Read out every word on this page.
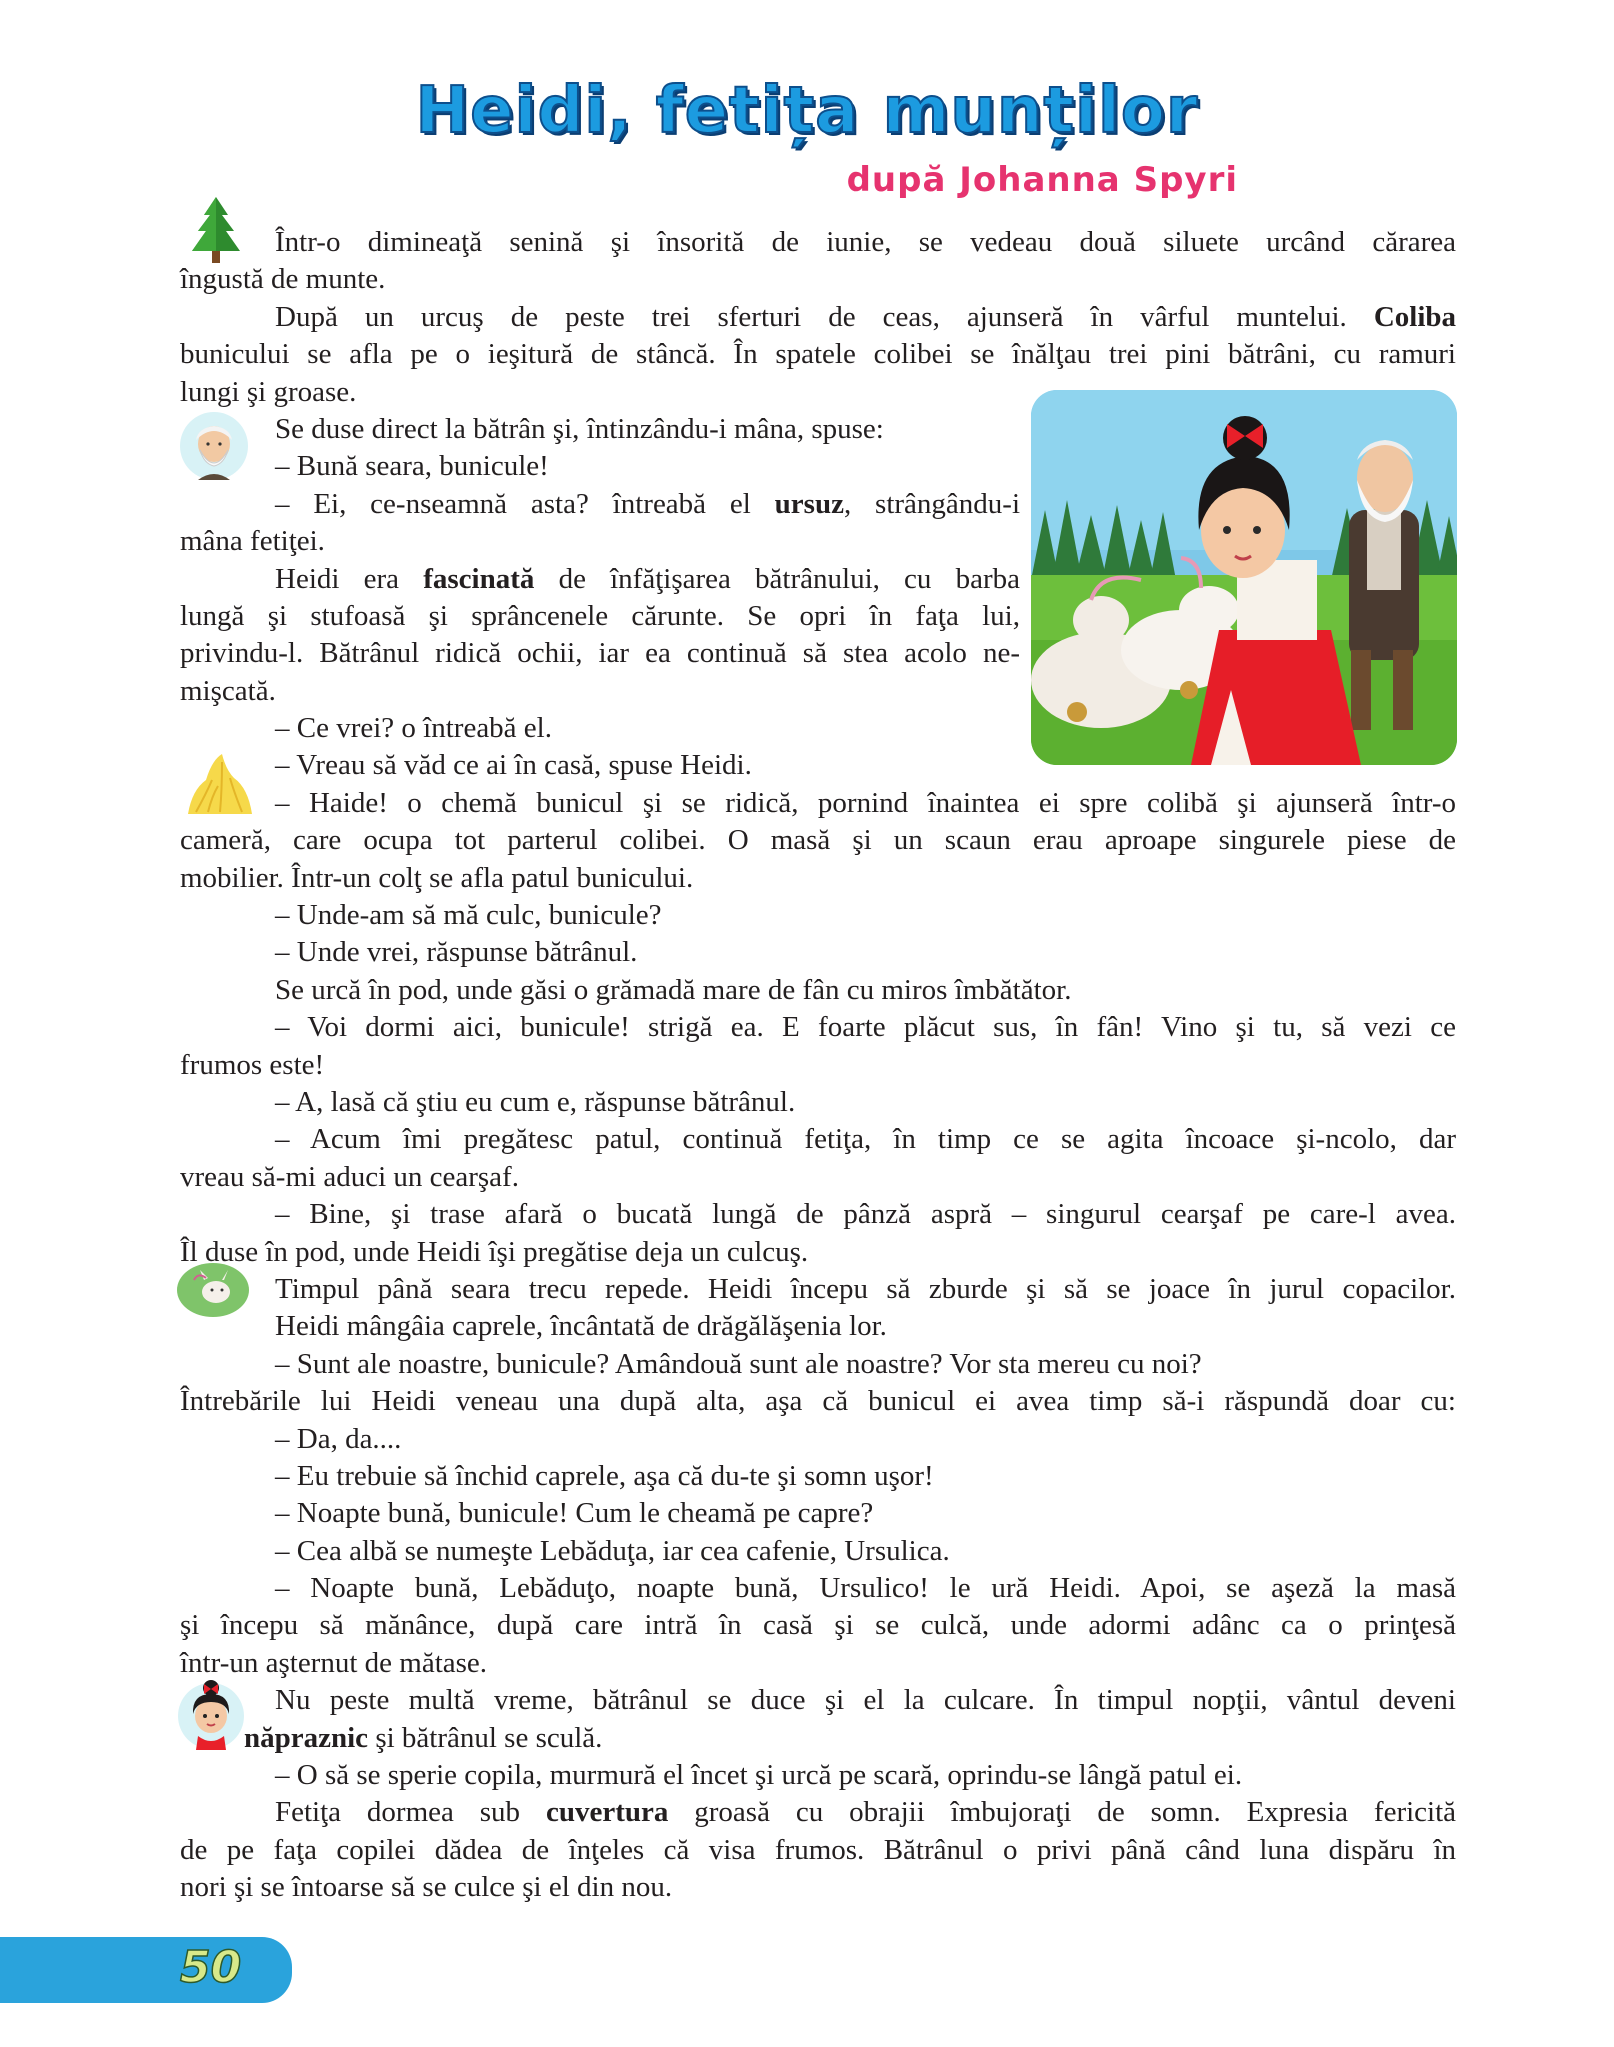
Heidi, fetița munților
după Johanna Spyri
Într-o dimineaţă senină şi însorită de iunie, se vedeau două siluete urcând cărarea
îngustă de munte.
După un urcuş de peste trei sferturi de ceas, ajunseră în vârful muntelui. Coliba
bunicului se afla pe o ieşitură de stâncă. În spatele colibei se înălţau trei pini bătrâni, cu ramuri
lungi şi groase.
Se duse direct la bătrân şi, întinzându-i mâna, spuse:
– Bună seara, bunicule!
– Ei, ce-nseamnă asta? întreabă el ursuz, strângându-i
mâna fetiţei.
Heidi era fascinată de înfăţişarea bătrânului, cu barba
lungă şi stufoasă şi sprâncenele cărunte. Se opri în faţa lui,
privindu-l. Bătrânul ridică ochii, iar ea continuă să stea acolo ne-
mişcată.
– Ce vrei? o întreabă el.
– Vreau să văd ce ai în casă, spuse Heidi.
– Haide! o chemă bunicul şi se ridică, pornind înaintea ei spre colibă şi ajunseră într-o
cameră, care ocupa tot parterul colibei. O masă şi un scaun erau aproape singurele piese de
mobilier. Într-un colţ se afla patul bunicului.
– Unde-am să mă culc, bunicule?
– Unde vrei, răspunse bătrânul.
Se urcă în pod, unde găsi o grămadă mare de fân cu miros îmbătător.
– Voi dormi aici, bunicule! strigă ea. E foarte plăcut sus, în fân! Vino şi tu, să vezi ce
frumos este!
– A, lasă că ştiu eu cum e, răspunse bătrânul.
– Acum îmi pregătesc patul, continuă fetiţa, în timp ce se agita încoace şi-ncolo, dar
vreau să-mi aduci un cearşaf.
– Bine, şi trase afară o bucată lungă de pânză aspră – singurul cearşaf pe care-l avea.
Îl duse în pod, unde Heidi îşi pregătise deja un culcuş.
Timpul până seara trecu repede. Heidi începu să zburde şi să se joace în jurul copacilor.
Heidi mângâia caprele, încântată de drăgălăşenia lor.
– Sunt ale noastre, bunicule? Amândouă sunt ale noastre? Vor sta mereu cu noi?
Întrebările lui Heidi veneau una după alta, aşa că bunicul ei avea timp să-i răspundă doar cu:
– Da, da....
– Eu trebuie să închid caprele, aşa că du-te şi somn uşor!
– Noapte bună, bunicule! Cum le cheamă pe capre?
– Cea albă se numeşte Lebăduţa, iar cea cafenie, Ursulica.
– Noapte bună, Lebăduţo, noapte bună, Ursulico! le ură Heidi. Apoi, se aşeză la masă
şi începu să mănânce, după care intră în casă şi se culcă, unde adormi adânc ca o prinţesă
într-un aşternut de mătase.
Nu peste multă vreme, bătrânul se duce şi el la culcare. În timpul nopţii, vântul deveni
năpraznic şi bătrânul se sculă.
– O să se sperie copila, murmură el încet şi urcă pe scară, oprindu-se lângă patul ei.
Fetiţa dormea sub cuvertura groasă cu obrajii îmbujoraţi de somn. Expresia fericită
de pe faţa copilei dădea de înţeles că visa frumos. Bătrânul o privi până când luna dispăru în
nori şi se întoarse să se culce şi el din nou.
50
